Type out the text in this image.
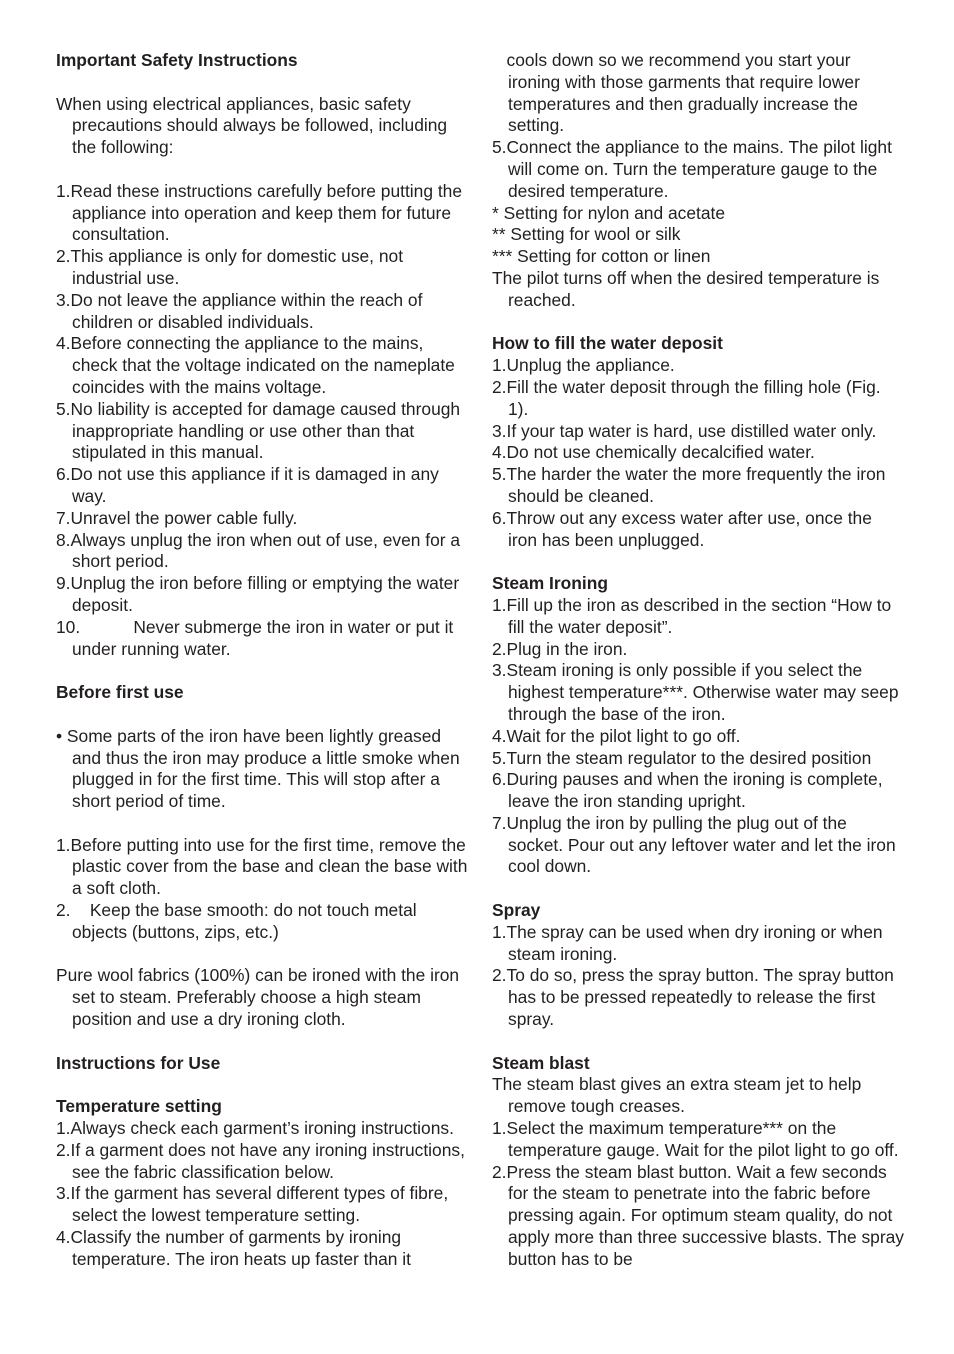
Important Safety Instructions
When using electrical appliances, basic safety precautions should always be followed, including the following:
1.Read these instructions carefully before putting the appliance into operation and keep them for future consultation.
2.This appliance is only for domestic use, not industrial use.
3.Do not leave the appliance within the reach of children or disabled individuals.
4.Before connecting the appliance to the mains, check that the voltage indicated on the nameplate coincides with the mains voltage.
5.No liability is accepted for damage caused through inappropriate handling or use other than that stipulated in this manual.
6.Do not use this appliance if it is damaged in any way.
7.Unravel the power cable fully.
8.Always unplug the iron when out of use, even for a short period.
9.Unplug the iron before filling or emptying the water deposit.
10.           Never submerge the iron in water or put it under running water.
Before first use
• Some parts of the iron have been lightly greased and thus the iron may produce a little smoke when plugged in for the first time. This will stop after a short period of time.
1.Before putting into use for the first time, remove the plastic cover from the base and clean the base with a soft cloth.
2.    Keep the base smooth: do not touch metal objects (buttons, zips, etc.)
Pure wool fabrics (100%) can be ironed with the iron set to steam. Preferably choose a high steam position and use a dry ironing cloth.
Instructions for Use
Temperature setting
1.Always check each garment’s ironing instructions.
2.If a garment does not have any ironing instructions, see the fabric classification below.
3.If the garment has several different types of fibre, select the lowest temperature setting.
4.Classify the number of garments by ironing temperature. The iron heats up faster than it
cools down so we recommend you start your ironing with those garments that require lower temperatures and then gradually increase the setting.
5.Connect the appliance to the mains. The pilot light will come on. Turn the temperature gauge to the desired temperature.
* Setting for nylon and acetate
** Setting for wool or silk
*** Setting for cotton or linen
The pilot turns off when the desired temperature is reached.
How to fill the water deposit
1.Unplug the appliance.
2.Fill the water deposit through the filling hole (Fig. 1).
3.If your tap water is hard, use distilled water only.
4.Do not use chemically decalcified water.
5.The harder the water the more frequently the iron should be cleaned.
6.Throw out any excess water after use, once the iron has been unplugged.
Steam Ironing
1.Fill up the iron as described in the section “How to fill the water deposit”.
2.Plug in the iron.
3.Steam ironing is only possible if you select the highest temperature***. Otherwise water may seep through the base of the iron.
4.Wait for the pilot light to go off.
5.Turn the steam regulator to the desired position
6.During pauses and when the ironing is complete, leave the iron standing upright.
7.Unplug the iron by pulling the plug out of the socket. Pour out any leftover water and let the iron cool down.
Spray
1.The spray can be used when dry ironing or when steam ironing.
2.To do so, press the spray button. The spray button has to be pressed repeatedly to release the first spray.
Steam blast
The steam blast gives an extra steam jet to help remove tough creases.
1.Select the maximum temperature*** on the temperature gauge. Wait for the pilot light to go off.
2.Press the steam blast button. Wait a few seconds for the steam to penetrate into the fabric before pressing again. For optimum steam quality, do not apply more than three successive blasts. The spray button has to be
